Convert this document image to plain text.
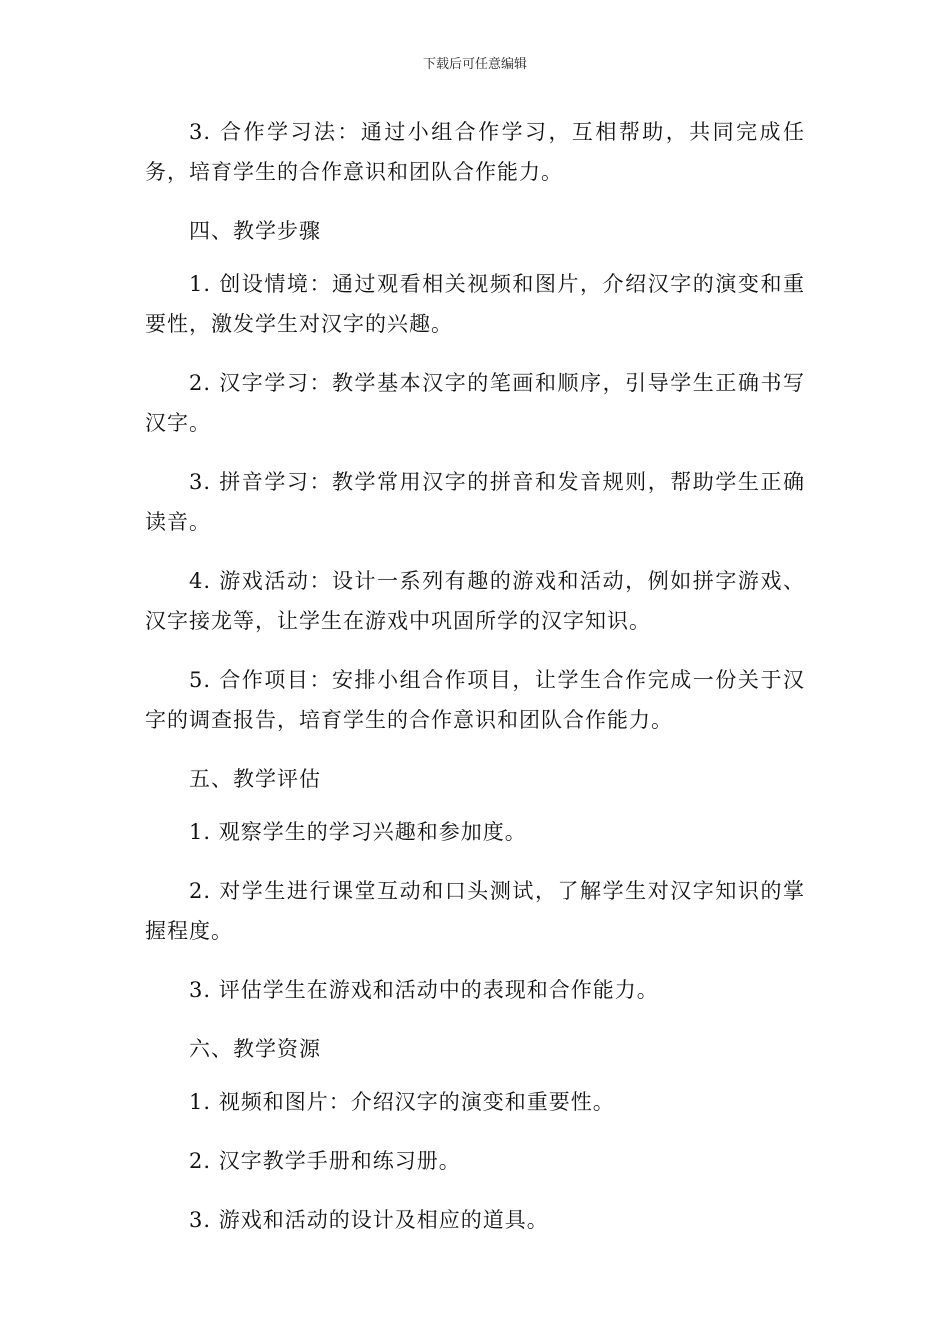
下载后可任意编辑

3. 合作学习法：通过小组合作学习，互相帮助，共同完成任务，培育学生的合作意识和团队合作能力。

四、教学步骤

1. 创设情境：通过观看相关视频和图片，介绍汉字的演变和重要性，激发学生对汉字的兴趣。

2. 汉字学习：教学基本汉字的笔画和顺序，引导学生正确书写汉字。

3. 拼音学习：教学常用汉字的拼音和发音规则，帮助学生正确读音。

4. 游戏活动：设计一系列有趣的游戏和活动，例如拼字游戏、汉字接龙等，让学生在游戏中巩固所学的汉字知识。

5. 合作项目：安排小组合作项目，让学生合作完成一份关于汉字的调查报告，培育学生的合作意识和团队合作能力。

五、教学评估

1. 观察学生的学习兴趣和参加度。

2. 对学生进行课堂互动和口头测试，了解学生对汉字知识的掌握程度。

3. 评估学生在游戏和活动中的表现和合作能力。

六、教学资源

1. 视频和图片：介绍汉字的演变和重要性。

2. 汉字教学手册和练习册。

3. 游戏和活动的设计及相应的道具。
